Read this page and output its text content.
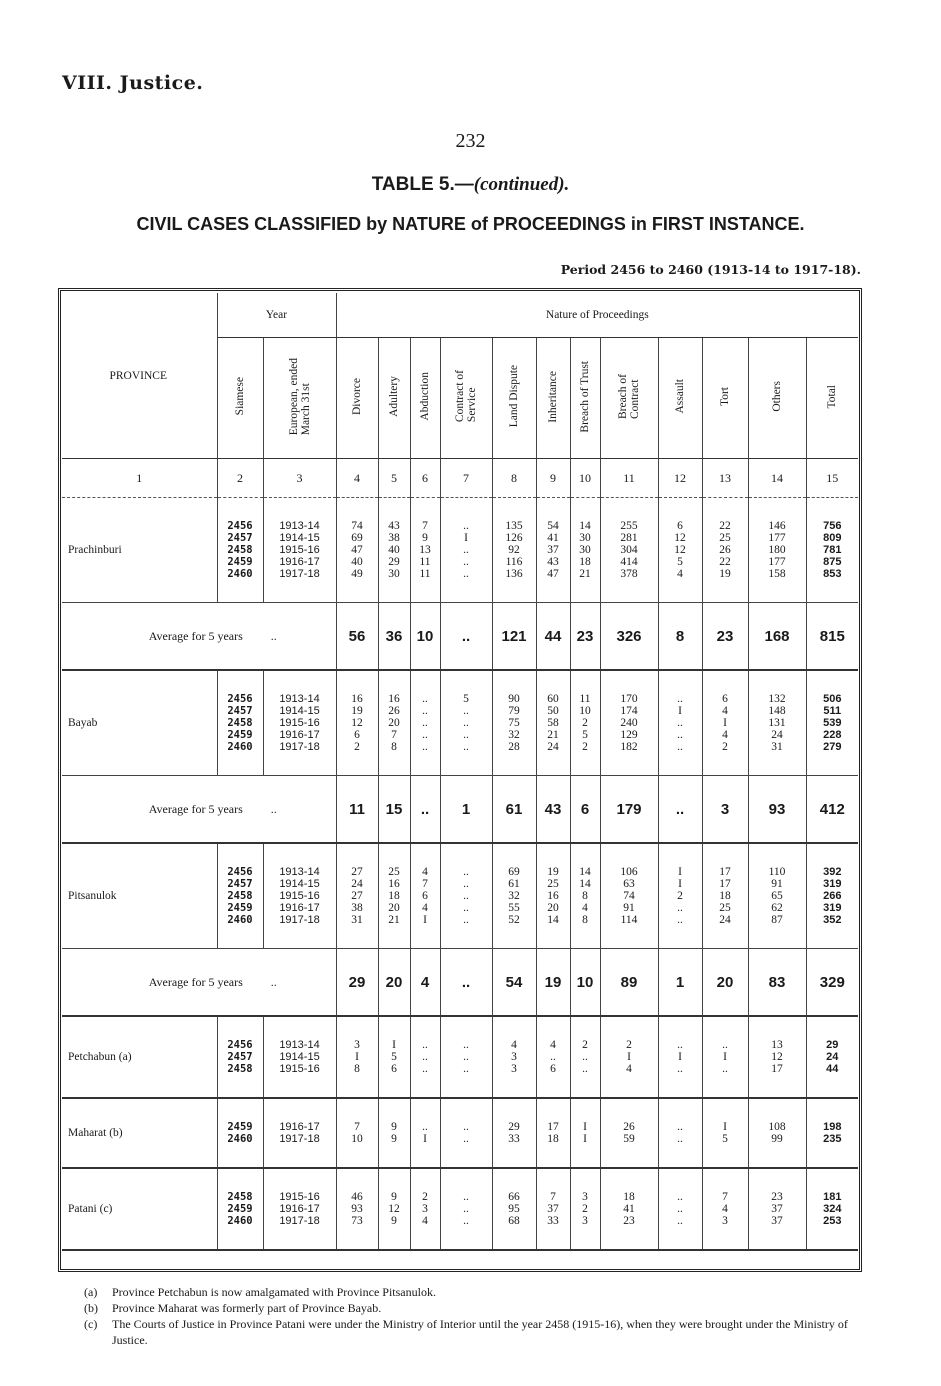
VIII. Justice.
232
TABLE 5.—(continued).
CIVIL CASES CLASSIFIED by NATURE of PROCEEDINGS in FIRST INSTANCE.
Period 2456 to 2460 (1913-14 to 1917-18).
PROVINCE	Year		Nature of Proceedings											
	Siamese	European, ended
March 31st	Divorce	Adultery	Abduction	Contract of
Service	Land Dispute	Inheritance	Breach of Trust	Breach of
Contract	Assault	Tort	Others	Total
1	2	3	4	5	6	7	8	9	10	11	12	13	14	15

Prachinburi	2456	1913-14	74	43	7	..	135	54	14	255	6	22	146	756
	2457	1914-15	69	38	9	I	126	41	30	281	12	25	177	809
	2458	1915-16	47	40	13	..	92	37	30	304	12	26	180	781
	2459	1916-17	40	29	11	..	116	43	18	414	5	22	177	875
	2460	1917-18	49	30	11	..	136	47	21	378	4	19	158	853

Average for 5 years ..			56	36	10	..	121	44	23	326	8	23	168	815

Bayab	2456	1913-14	16	16	..	5	90	60	11	170	..	6	132	506
	2457	1914-15	19	26	..	..	79	50	10	174	I	4	148	511
	2458	1915-16	12	20	..	..	75	58	2	240	..	I	131	539
	2459	1916-17	6	7	..	..	32	21	5	129	..	4	24	228
	2460	1917-18	2	8	..	..	28	24	2	182	..	2	31	279

Average for 5 years ..			11	15	..	1	61	43	6	179	..	3	93	412

Pitsanulok	2456	1913-14	27	25	4	..	69	19	14	106	I	17	110	392
	2457	1914-15	24	16	7	..	61	25	14	63	I	17	91	319
	2458	1915-16	27	18	6	..	32	16	8	74	2	18	65	266
	2459	1916-17	38	20	4	..	55	20	4	91	..	25	62	319
	2460	1917-18	31	21	I	..	52	14	8	114	..	24	87	352

Average for 5 years ..			29	20	4	..	54	19	10	89	1	20	83	329

Petchabun (a)	2456	1913-14	3	I	..	..	4	4	2	2	..	..	13	29
	2457	1914-15	I	5	..	..	3	..	..	I	I	I	12	24
	2458	1915-16	8	6	..	..	3	6	..	4	..	..	17	44

Maharat (b)	2459	1916-17	7	9	..	..	29	17	I	26	..	I	108	198
	2460	1917-18	10	9	I	..	33	18	I	59	..	5	99	235

Patani (c)	2458	1915-16	46	9	2	..	66	7	3	18	..	7	23	181
	2459	1916-17	93	12	3	..	95	37	2	41	..	4	37	324
	2460	1917-18	73	9	4	..	68	33	3	23	..	3	37	253

(a)	Province Petchabun is now amalgamated with Province Pitsanulok.
(b)	Province Maharat was formerly part of Province Bayab.
(c)	The Courts of Justice in Province Patani were under the Ministry of Interior until the year 2458 (1915-16), when they were brought under the Ministry of Justice.
